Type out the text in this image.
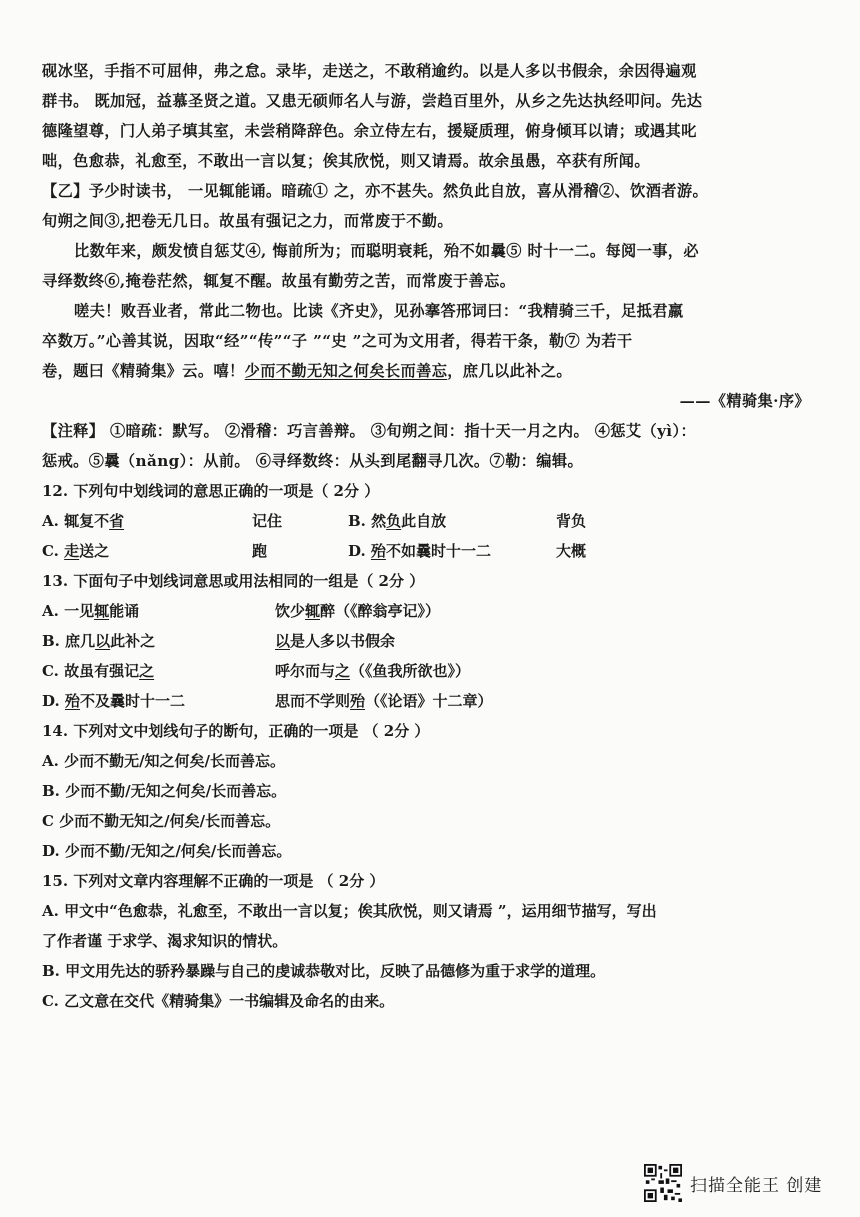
砚冰坚，手指不可屈伸，弗之怠。录毕，走送之，不敢稍逾约。以是人多以书假余，余因得遍观
群书。 既加冠，益慕圣贤之道。又患无硕师名人与游，尝趋百里外，从乡之先达执经叩问。先达
德隆望尊，门人弟子填其室，未尝稍降辞色。余立侍左右，援疑质理，俯身倾耳以请；或遇其叱
咄，色愈恭，礼愈至，不敢出一言以复；俟其欣悦，则又请焉。故余虽愚，卒获有所闻。
【乙】予少时读书， 一见辄能诵。暗疏① 之，亦不甚失。然负此自放，喜从滑稽②、饮酒者游。
旬朔之间③,把卷无几日。故虽有强记之力，而常废于不勤。
比数年来，颇发愤自惩艾④, 悔前所为；而聪明衰耗，殆不如曩⑤ 时十一二。每阅一事，必
寻绎数终⑥,掩卷茫然，辄复不醒。故虽有勤劳之苦，而常废于善忘。
嗟夫！败吾业者，常此二物也。比读《齐史》，见孙搴答邢词曰：“我精骑三千，足抵君羸
卒数万。”心善其说，因取“经”“传”“子 ”“史 ”之可为文用者，得若干条，勒⑦ 为若干
卷，题曰《精骑集》云。嘻！少而不勤无知之何矣长而善忘，庶几以此补之。
——《精骑集·序》
【注释】 ①暗疏：默写。 ②滑稽：巧言善辩。 ③旬朔之间：指十天一月之内。 ④惩艾（yì）：
惩戒。⑤曩（nǎng）：从前。 ⑥寻绎数终：从头到尾翻寻几次。⑦勒：编辑。
12. 下列句中划线词的意思正确的一项是（ 2分 ）
A. 辄复不省	记住	B. 然负此自放	背负
C. 走送之	跑	D. 殆不如曩时十一二	大概
13. 下面句子中划线词意思或用法相同的一组是（ 2分 ）
A. 一见辄能诵	饮少辄醉（《醉翁亭记》）
B. 庶几以此补之	以是人多以书假余
C. 故虽有强记之	呼尔而与之（《鱼我所欲也》）
D. 殆不及曩时十一二	思而不学则殆（《论语》十二章）
14. 下列对文中划线句子的断句，正确的一项是 （ 2分 ）
A. 少而不勤无/知之何矣/长而善忘。
B. 少而不勤/无知之何矣/长而善忘。
C 少而不勤无知之/何矣/长而善忘。
D. 少而不勤/无知之/何矣/长而善忘。
15. 下列对文章内容理解不正确的一项是 （ 2分 ）
A. 甲文中“色愈恭，礼愈至，不敢出一言以复；俟其欣悦，则又请焉 ”，运用细节描写，写出
了作者谨 于求学、渴求知识的情状。
B. 甲文用先达的骄矜暴躁与自己的虔诚恭敬对比，反映了品德修为重于求学的道理。
C. 乙文意在交代《精骑集》一书编辑及命名的由来。
扫描全能王 创建
